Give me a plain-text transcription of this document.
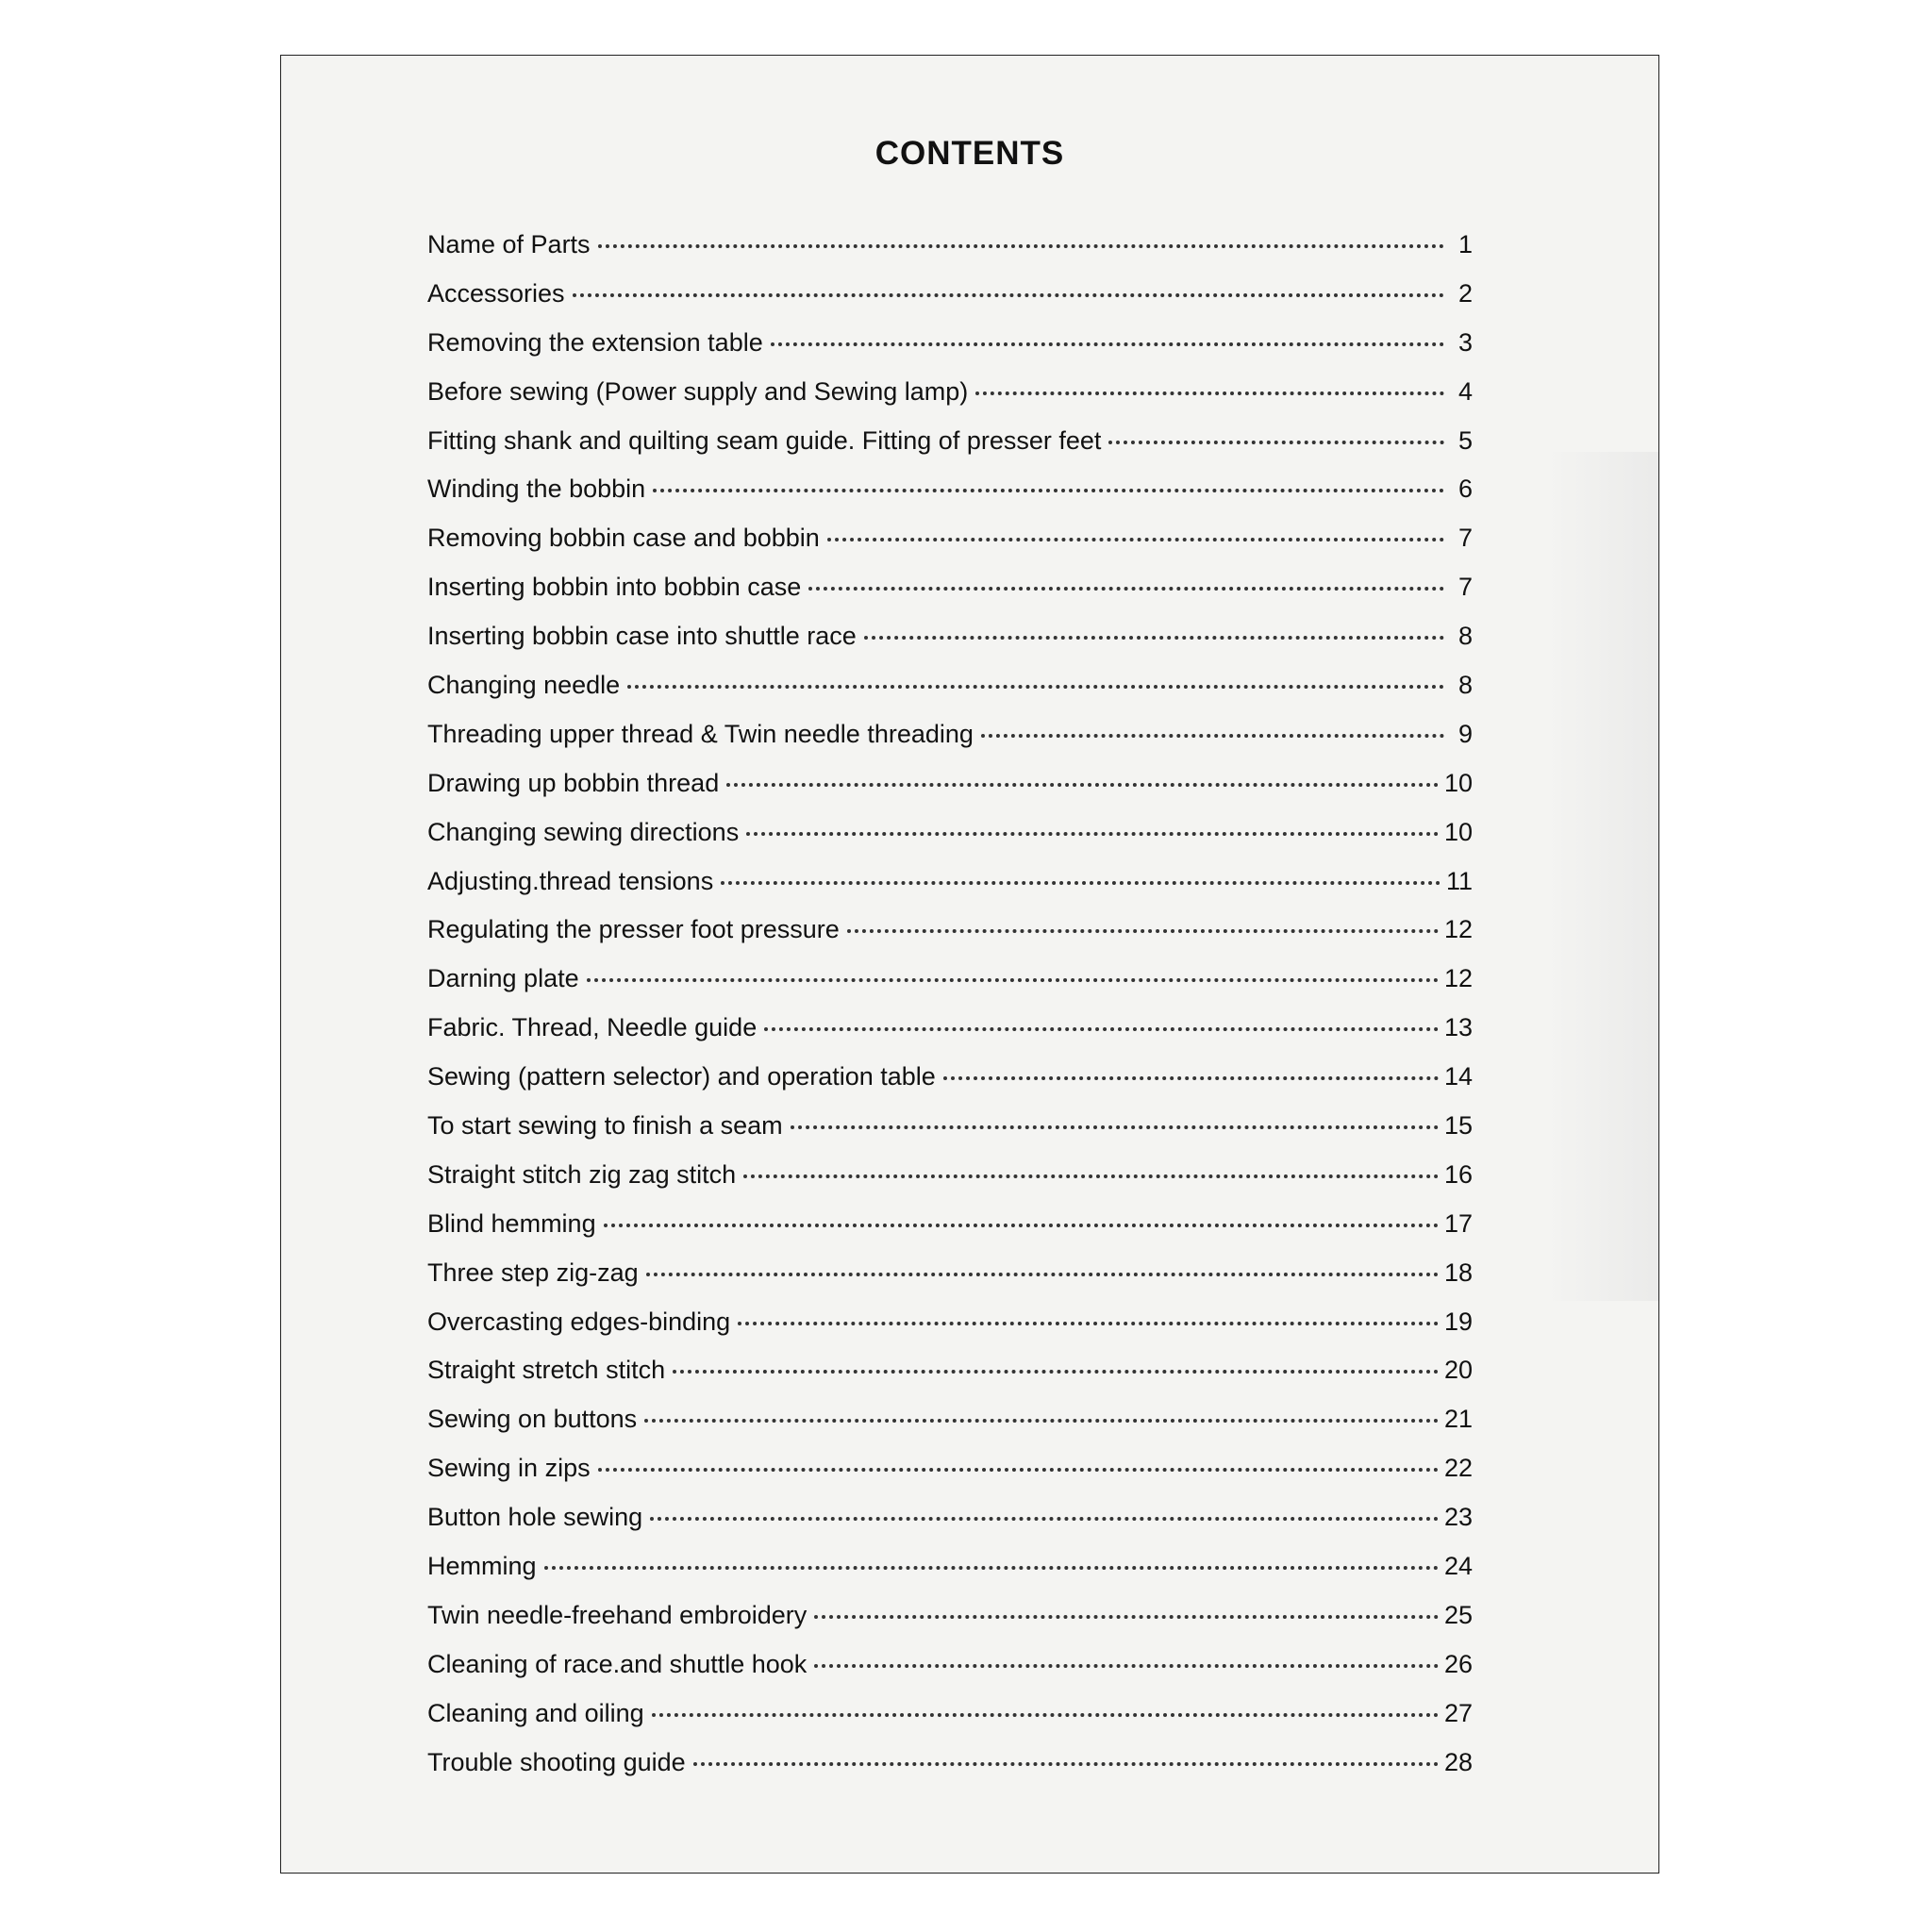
CONTENTS
Name of Parts	1
Accessories	2
Removing the extension table	3
Before sewing (Power supply and Sewing lamp)	4
Fitting shank and quilting seam guide. Fitting of presser feet	5
Winding the bobbin	6
Removing bobbin case and bobbin	7
Inserting bobbin into bobbin case	7
Inserting bobbin case into shuttle race	8
Changing needle	8
Threading upper thread & Twin needle threading	9
Drawing up bobbin thread	10
Changing sewing directions	10
Adjusting.thread tensions	11
Regulating the presser foot pressure	12
Darning plate	12
Fabric. Thread, Needle guide	13
Sewing (pattern selector) and operation table	14
To start sewing to finish a seam	15
Straight stitch zig zag stitch	16
Blind hemming	17
Three step zig-zag	18
Overcasting edges-binding	19
Straight stretch stitch	20
Sewing on buttons	21
Sewing in zips	22
Button hole sewing	23
Hemming	24
Twin needle-freehand embroidery	25
Cleaning of race.and shuttle hook	26
Cleaning and oiling	27
Trouble shooting guide	28
